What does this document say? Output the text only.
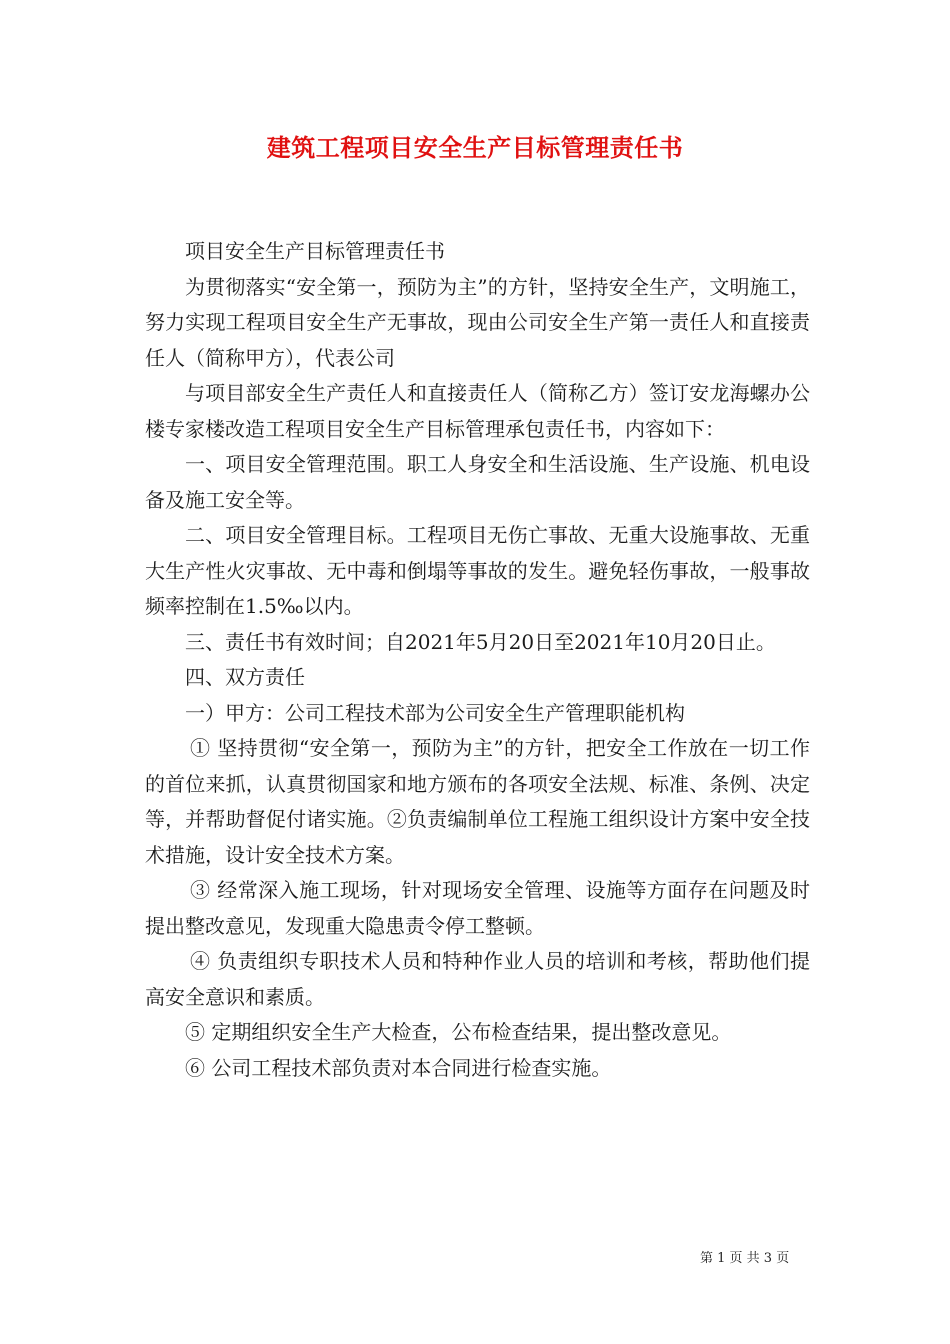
建筑工程项目安全生产目标管理责任书

项目安全生产目标管理责任书

为贯彻落实“安全第一，预防为主”的方针，坚持安全生产，文明施工，努力实现工程项目安全生产无事故，现由公司安全生产第一责任人和直接责任人（简称甲方），代表公司

与项目部安全生产责任人和直接责任人（简称乙方）签订安龙海螺办公楼专家楼改造工程项目安全生产目标管理承包责任书，内容如下：

一、项目安全管理范围。职工人身安全和生活设施、生产设施、机电设备及施工安全等。

二、项目安全管理目标。工程项目无伤亡事故、无重大设施事故、无重大生产性火灾事故、无中毒和倒塌等事故的发生。避免轻伤事故，一般事故频率控制在1.5‰以内。

三、责任书有效时间；自2021年5月20日至2021年10月20日止。

四、双方责任

一）甲方：公司工程技术部为公司安全生产管理职能机构

① 坚持贯彻“安全第一，预防为主”的方针，把安全工作放在一切工作的首位来抓，认真贯彻国家和地方颁布的各项安全法规、标准、条例、决定等，并帮助督促付诸实施。②负责编制单位工程施工组织设计方案中安全技术措施，设计安全技术方案。

③ 经常深入施工现场，针对现场安全管理、设施等方面存在问题及时提出整改意见，发现重大隐患责令停工整顿。

④ 负责组织专职技术人员和特种作业人员的培训和考核，帮助他们提高安全意识和素质。

⑤ 定期组织安全生产大检查，公布检查结果，提出整改意见。

⑥ 公司工程技术部负责对本合同进行检查实施。

第 1 页 共 3 页
